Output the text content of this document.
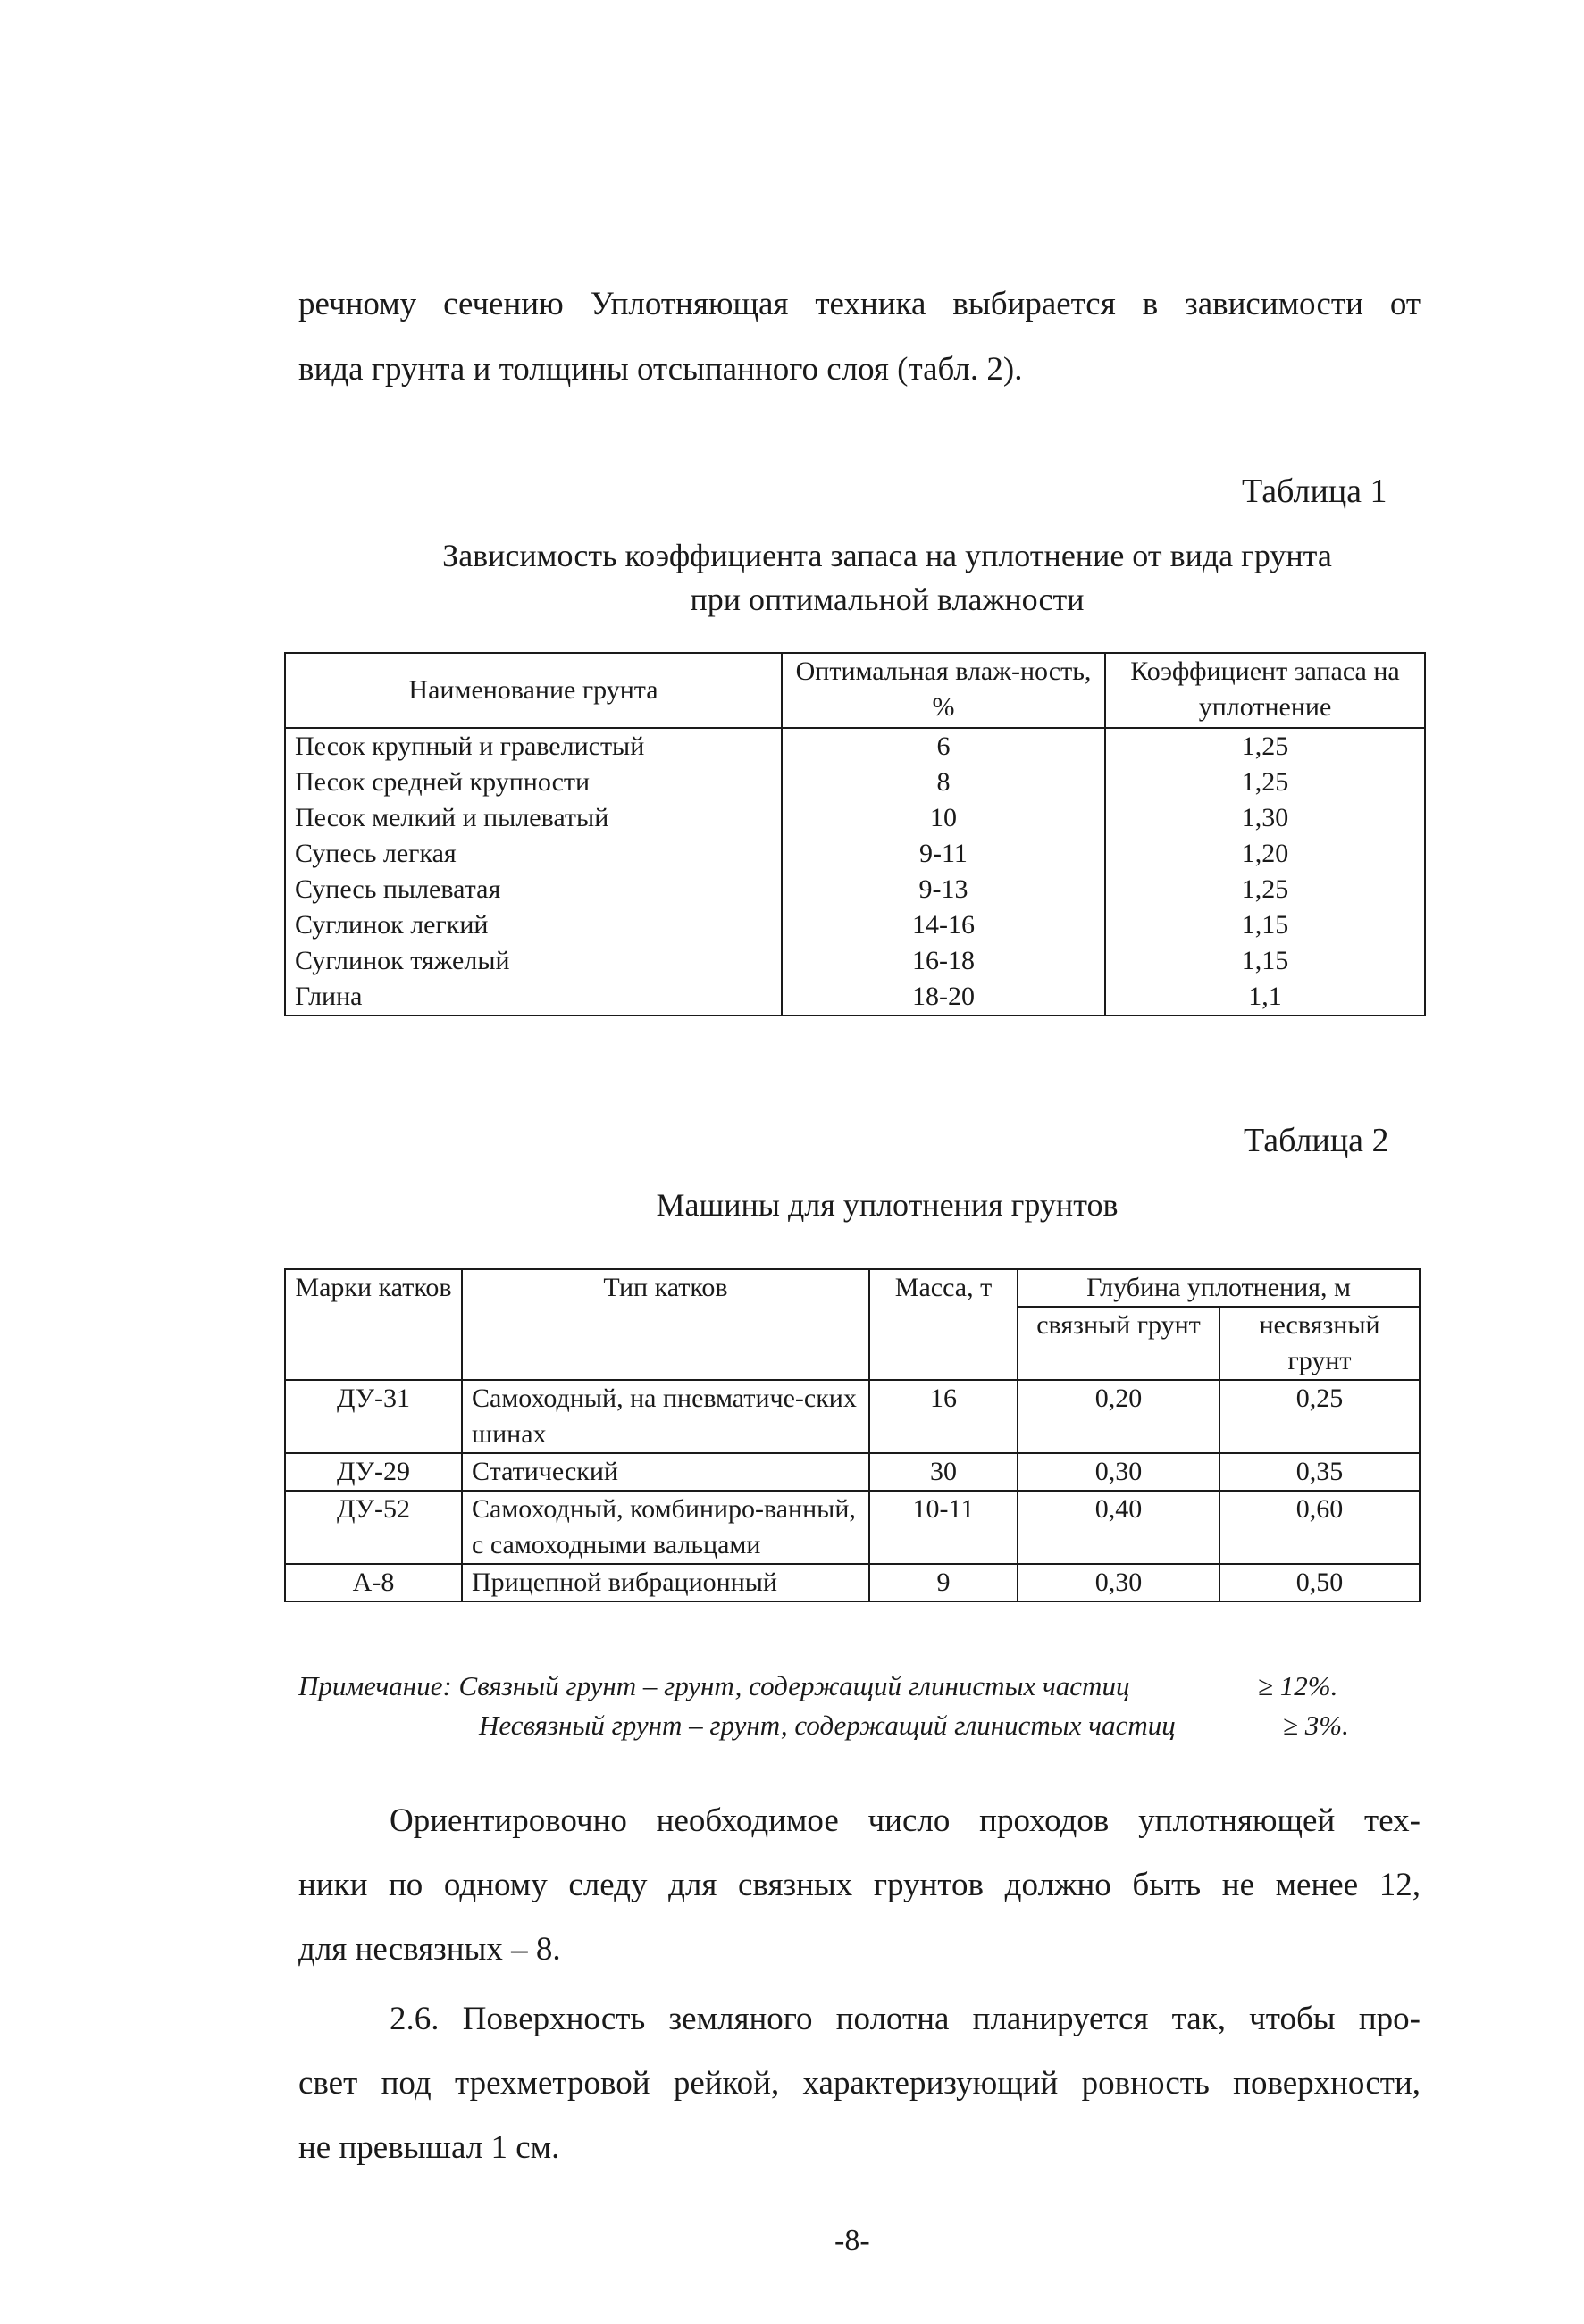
речному сечению Уплотняющая техника выбирается в зависимости от
вида грунта и толщины отсыпанного слоя (табл. 2).
Таблица 1
Зависимость коэффициента запаса на уплотнение от вида грунта
при оптимальной влажности
Наименование грунта	Оптимальная влаж-ность, %	Коэффициент запаса на уплотнение
Песок крупный и гравелистый	6	1,25
Песок средней крупности	8	1,25
Песок мелкий и пылеватый	10	1,30
Супесь легкая	9-11	1,20
Супесь пылеватая	9-13	1,25
Суглинок легкий	14-16	1,15
Суглинок тяжелый	16-18	1,15
Глина	18-20	1,1
Таблица 2
Машины для уплотнения грунтов
Марки катков	Тип катков	Масса, т	Глубина уплотнения, м	
			связный грунт	несвязный грунт
ДУ-31	Самоходный, на пневматиче-ских шинах	16	0,20	0,25
ДУ-29	Статический	30	0,30	0,35
ДУ-52	Самоходный, комбиниро-ванный, с самоходными вальцами	10-11	0,40	0,60
А-8	Прицепной вибрационный	9	0,30	0,50
Примечание: Связный грунт – грунт, содержащий глинистых частиц	≥ 12%.
Несвязный грунт – грунт, содержащий глинистых частиц	≥ 3%.
Ориентировочно необходимое число проходов уплотняющей тех-
ники по одному следу для связных грунтов должно быть не менее 12,
для несвязных – 8.
2.6. Поверхность земляного полотна планируется так, чтобы про-
свет под трехметровой рейкой, характеризующий ровность поверхности,
не превышал 1 см.
-8-
